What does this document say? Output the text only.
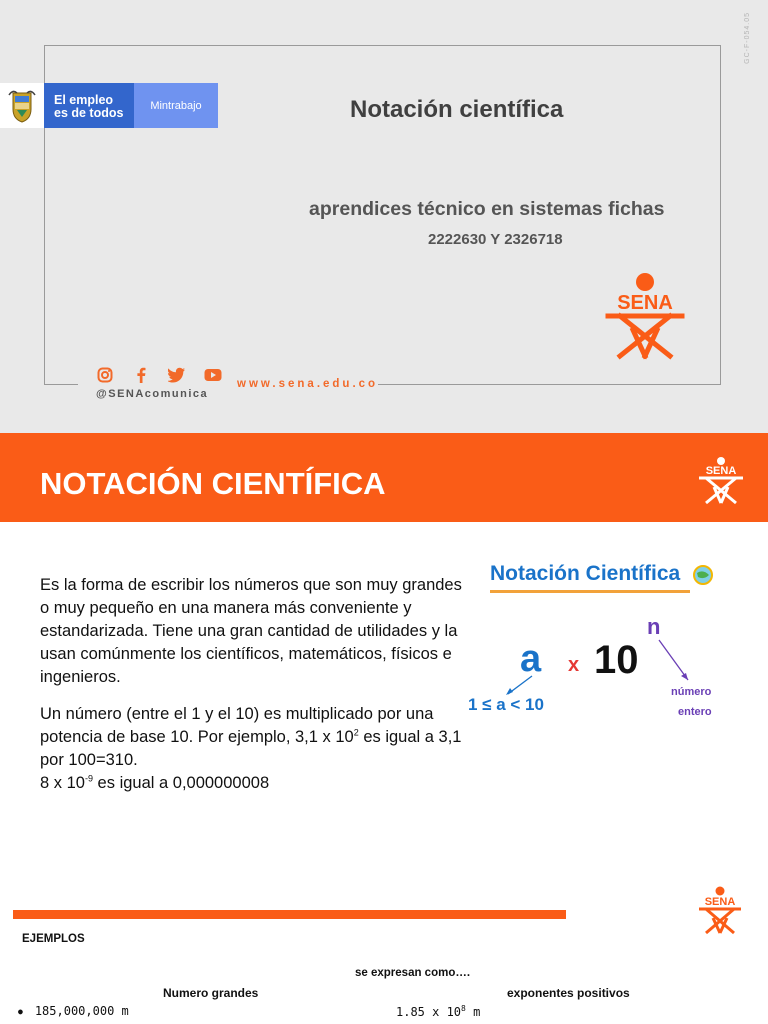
GC-F-054.05
El empleo
es de todos
Mintrabajo	Notación científica
aprendices técnico en sistemas fichas
2222630 Y 2326718
SENA
@SENAcomunica
www.sena.edu.co
NOTACIÓN CIENTÍFICA	SENA

Es la forma de escribir los números que son muy grandes o muy pequeño en una manera más conveniente y estandarizada. Tiene una gran cantidad de utilidades y la usan comúnmente los científicos, matemáticos, físicos e ingenieros.

Un número (entre el 1 y el 10) es multiplicado por una potencia de base 10. Por ejemplo, 3,1 x $10^2$ es igual a 3,1 por 100=310.
8 x $10^{-9}$ es igual a 0,000000008

Notación Científica
a x 10
n
1 ≤ a < 10
número
entero
SENA
EJEMPLOS
se expresan como….
Numero grandes	exponentes positivos
● 185,000,000 m	1.85 x $10^8$ m
